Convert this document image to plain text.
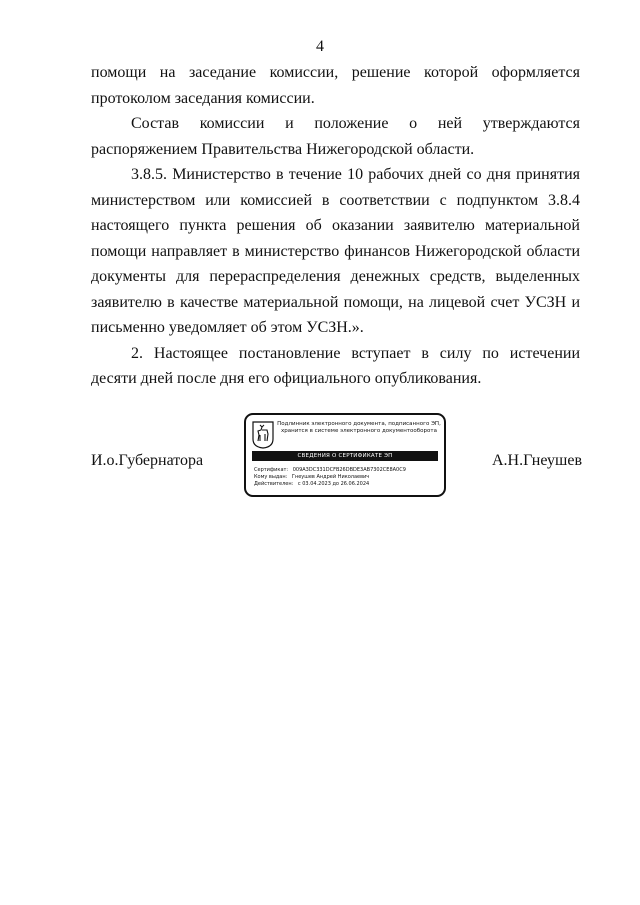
4

помощи на заседание комиссии, решение которой оформляется протоколом заседания комиссии.

Состав комиссии и положение о ней утверждаются распоряжением Правительства Нижегородской области.

3.8.5. Министерство в течение 10 рабочих дней со дня принятия министерством или комиссией в соответствии с подпунктом 3.8.4 настоящего пункта решения об оказании заявителю материальной помощи направляет в министерство финансов Нижегородской области документы для перераспределения денежных средств, выделенных заявителю в качестве материальной помощи, на лицевой счет УСЗН и письменно уведомляет об этом УСЗН.».

2. Настоящее постановление вступает в силу по истечении десяти дней после дня его официального опубликования.

И.о.Губернатора	А.Н.Гнеушев
Подлинник электронного документа, подписанного ЭП, хранится в системе электронного документооборота
СВЕДЕНИЯ О СЕРТИФИКАТЕ ЭП
Сертификат: 009A3DC331DCFB26DBDE3AB7302CE8A0C9
Кому выдан: Гнеушев Андрей Николаевич
Действителен: с 03.04.2023 до 26.06.2024
